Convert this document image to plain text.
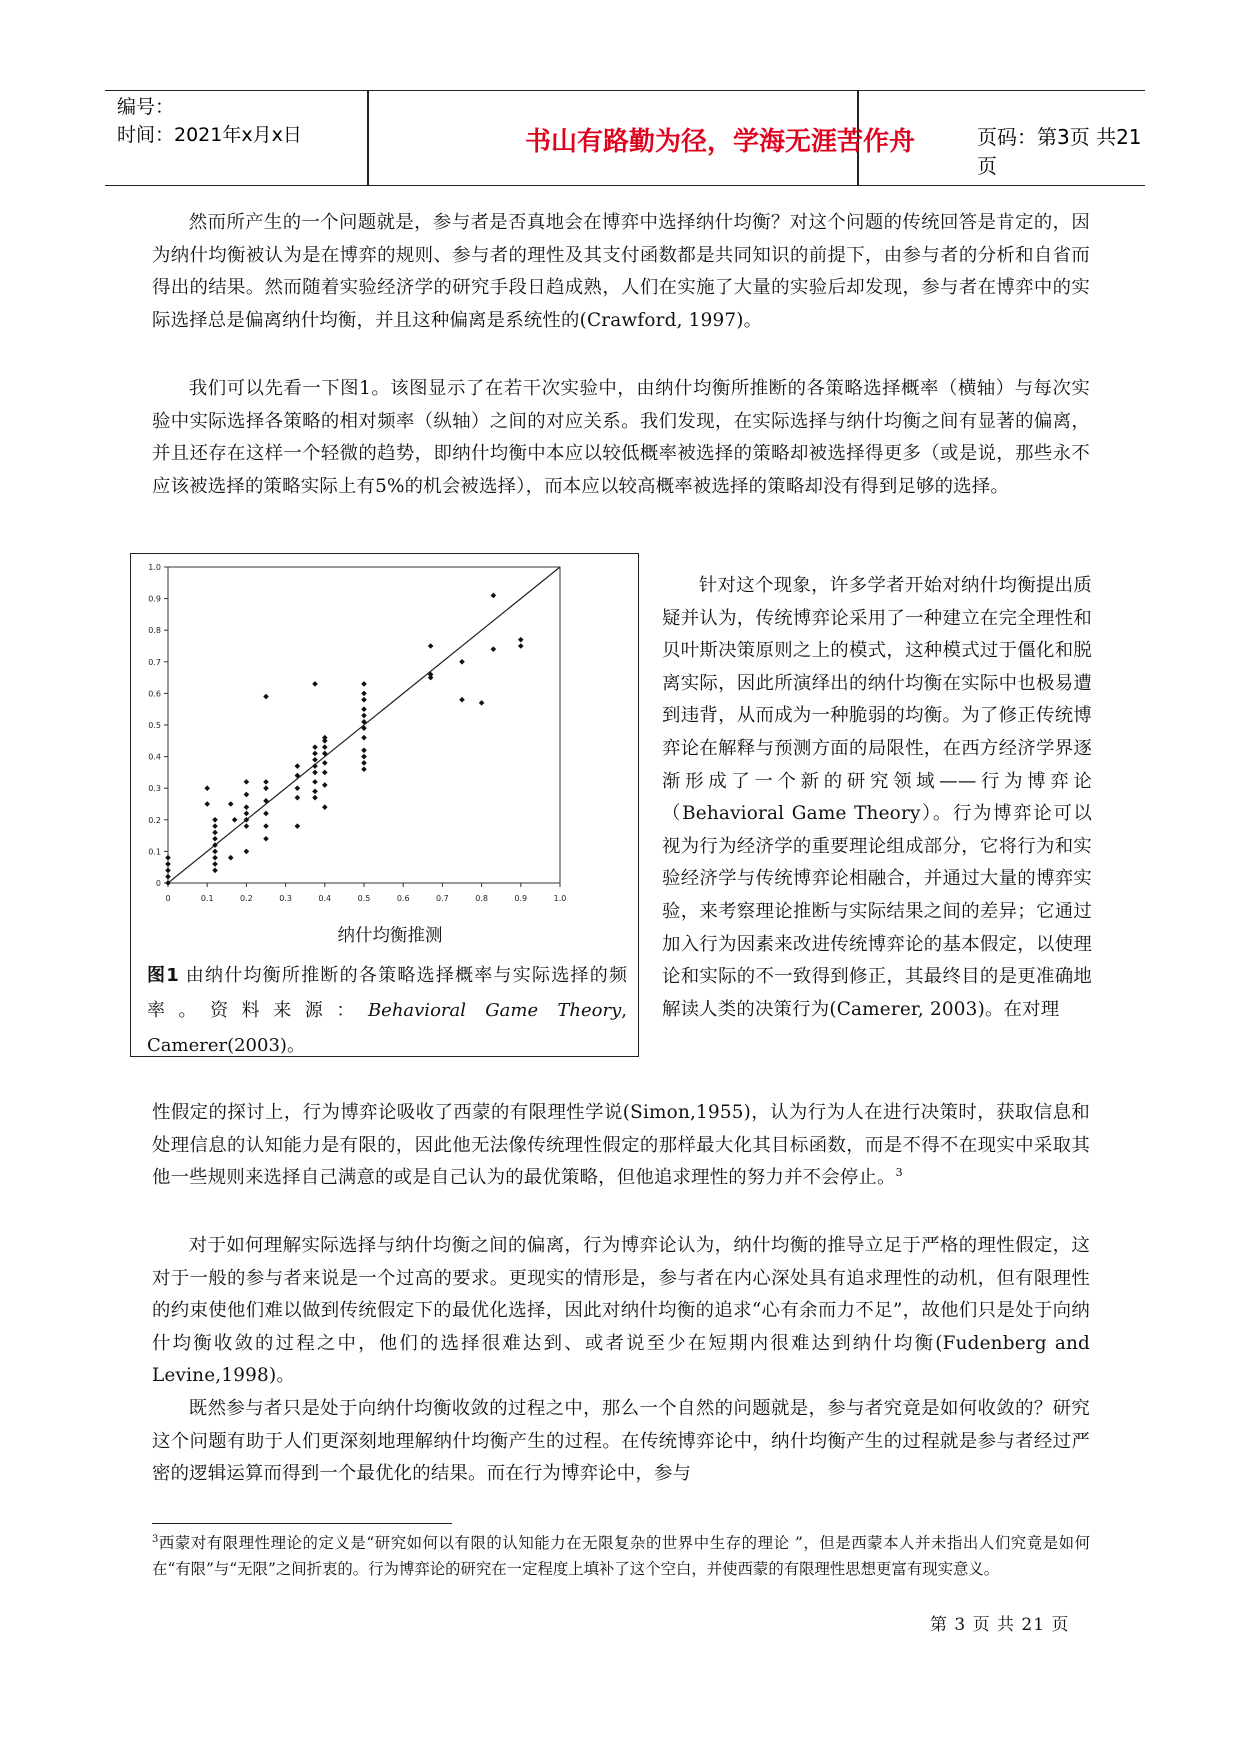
编号：
时间：2021年x月x日	书山有路勤为径，学海无涯苦作舟	页码：第3页 共21页

然而所产生的一个问题就是，参与者是否真地会在博弈中选择纳什均衡？对这个问题的传统回答是肯定的，因为纳什均衡被认为是在博弈的规则、参与者的理性及其支付函数都是共同知识的前提下，由参与者的分析和自省而得出的结果。然而随着实验经济学的研究手段日趋成熟，人们在实施了大量的实验后却发现，参与者在博弈中的实际选择总是偏离纳什均衡，并且这种偏离是系统性的(Crawford, 1997)。

我们可以先看一下图1。该图显示了在若干次实验中，由纳什均衡所推断的各策略选择概率（横轴）与每次实验中实际选择各策略的相对频率（纵轴）之间的对应关系。我们发现，在实际选择与纳什均衡之间有显著的偏离，并且还存在这样一个轻微的趋势，即纳什均衡中本应以较低概率被选择的策略却被选择得更多（或是说，那些永不应该被选择的策略实际上有5%的机会被选择），而本应以较高概率被选择的策略却没有得到足够的选择。

针对这个现象，许多学者开始对纳什均衡提出质疑并认为，传统博弈论采用了一种建立在完全理性和贝叶斯决策原则之上的模式，这种模式过于僵化和脱离实际，因此所演绎出的纳什均衡在实际中也极易遭到违背，从而成为一种脆弱的均衡。为了修正传统博弈论在解释与预测方面的局限性，在西方经济学界逐渐形成了一个新的研究领域——行为博弈论（Behavioral Game Theory）。行为博弈论可以视为行为经济学的重要理论组成部分，它将行为和实验经济学与传统博弈论相融合，并通过大量的博弈实验，来考察理论推断与实际结果之间的差异；它通过加入行为因素来改进传统博弈论的基本假定，以使理论和实际的不一致得到修正，其最终目的是更准确地解读人类的决策行为(Camerer, 2003)。在对理

性假定的探讨上，行为博弈论吸收了西蒙的有限理性学说(Simon,1955)，认为行为人在进行决策时，获取信息和处理信息的认知能力是有限的，因此他无法像传统理性假定的那样最大化其目标函数，而是不得不在现实中采取其他一些规则来选择自己满意的或是自己认为的最优策略，但他追求理性的努力并不会停止。$^3$

对于如何理解实际选择与纳什均衡之间的偏离，行为博弈论认为，纳什均衡的推导立足于严格的理性假定，这对于一般的参与者来说是一个过高的要求。更现实的情形是，参与者在内心深处具有追求理性的动机，但有限理性的约束使他们难以做到传统假定下的最优化选择，因此对纳什均衡的追求“心有余而力不足”，故他们只是处于向纳什均衡收敛的过程之中，他们的选择很难达到、或者说至少在短期内很难达到纳什均衡(Fudenberg and Levine,1998)。

既然参与者只是处于向纳什均衡收敛的过程之中，那么一个自然的问题就是，参与者究竟是如何收敛的？研究这个问题有助于人们更深刻地理解纳什均衡产生的过程。在传统博弈论中，纳什均衡产生的过程就是参与者经过严密的逻辑运算而得到一个最优化的结果。而在行为博弈论中，参与

0	0.1	0.2	0.3	0.4	0.5	0.6	0.7	0.8	0.9	1.0
0
0.1
0.2
0.3
0.4
0.5
0.6
0.7
0.8
0.9
1.0
纳什均衡推测
图1 由纳什均衡所推断的各策略选择概率与实际选择的频率。资料来源：Behavioral Game Theory, Camerer(2003)。

$^3$西蒙对有限理性理论的定义是“研究如何以有限的认知能力在无限复杂的世界中生存的理论 ”，但是西蒙本人并未指出人们究竟是如何在“有限”与“无限”之间折衷的。行为博弈论的研究在一定程度上填补了这个空白，并使西蒙的有限理性思想更富有现实意义。

第 3 页 共 21 页
